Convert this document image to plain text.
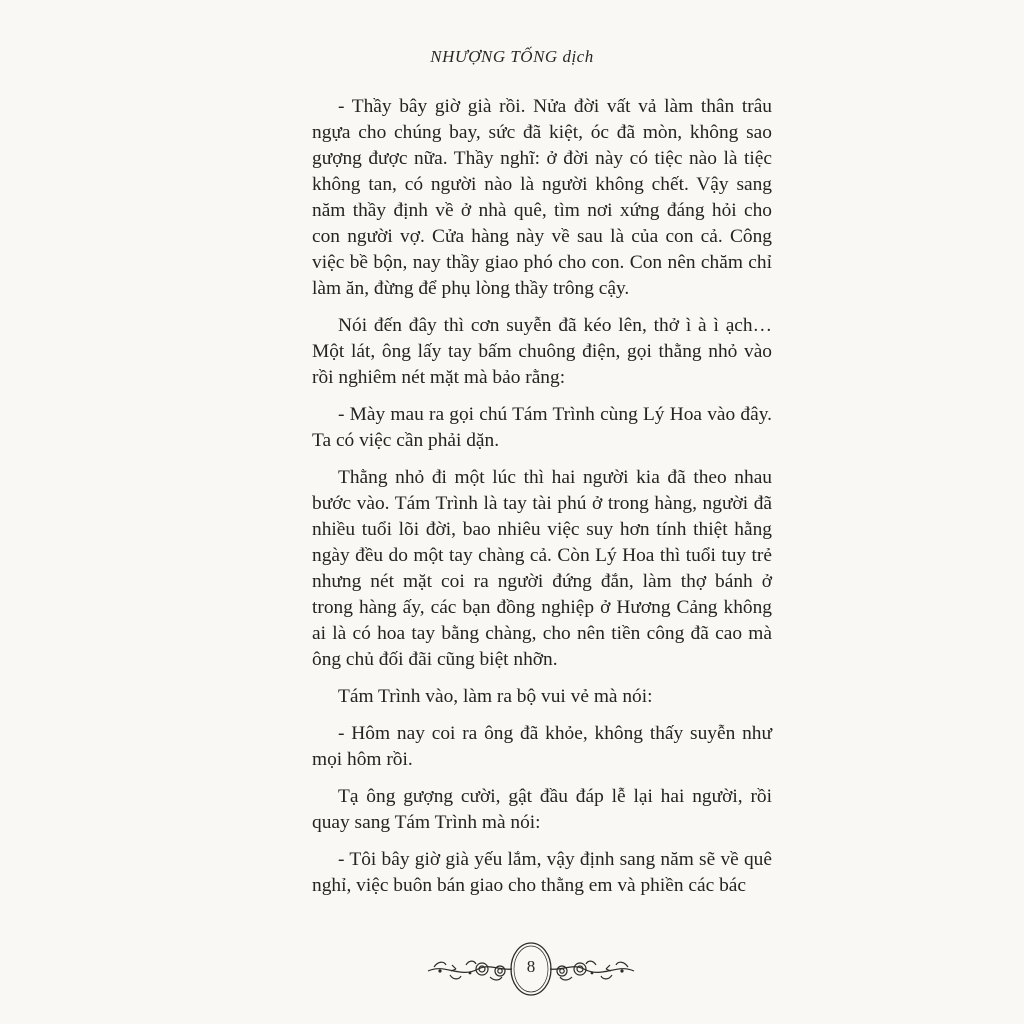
NHƯỢNG TỐNG dịch

- Thầy bây giờ già rồi. Nửa đời vất vả làm thân trâu ngựa cho chúng bay, sức đã kiệt, óc đã mòn, không sao gượng được nữa. Thầy nghĩ: ở đời này có tiệc nào là tiệc không tan, có người nào là người không chết. Vậy sang năm thầy định về ở nhà quê, tìm nơi xứng đáng hỏi cho con người vợ. Cửa hàng này về sau là của con cả. Công việc bề bộn, nay thầy giao phó cho con. Con nên chăm chỉ làm ăn, đừng để phụ lòng thầy trông cậy.

Nói đến đây thì cơn suyễn đã kéo lên, thở ì à ì ạch… Một lát, ông lấy tay bấm chuông điện, gọi thằng nhỏ vào rồi nghiêm nét mặt mà bảo rằng:

- Mày mau ra gọi chú Tám Trình cùng Lý Hoa vào đây. Ta có việc cần phải dặn.

Thằng nhỏ đi một lúc thì hai người kia đã theo nhau bước vào. Tám Trình là tay tài phú ở trong hàng, người đã nhiều tuổi lõi đời, bao nhiêu việc suy hơn tính thiệt hằng ngày đều do một tay chàng cả. Còn Lý Hoa thì tuổi tuy trẻ nhưng nét mặt coi ra người đứng đắn, làm thợ bánh ở trong hàng ấy, các bạn đồng nghiệp ở Hương Cảng không ai là có hoa tay bằng chàng, cho nên tiền công đã cao mà ông chủ đối đãi cũng biệt nhỡn.

Tám Trình vào, làm ra bộ vui vẻ mà nói:

- Hôm nay coi ra ông đã khỏe, không thấy suyễn như mọi hôm rồi.

Tạ ông gượng cười, gật đầu đáp lễ lại hai người, rồi quay sang Tám Trình mà nói:

- Tôi bây giờ già yếu lắm, vậy định sang năm sẽ về quê nghỉ, việc buôn bán giao cho thằng em và phiền các bác

8
